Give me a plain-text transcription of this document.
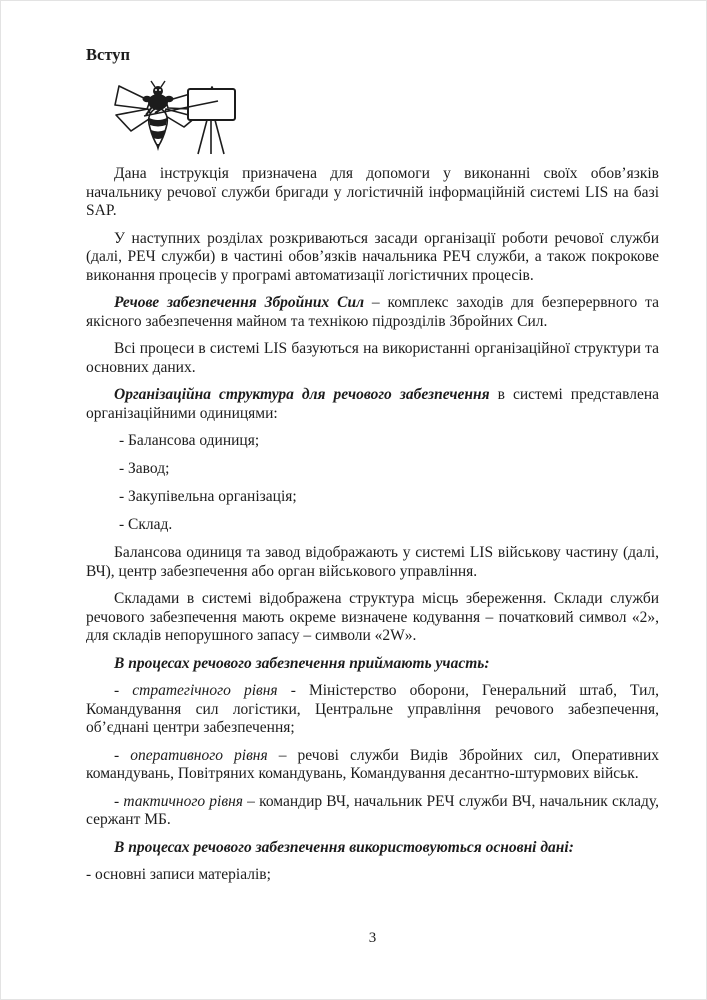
Вступ

Дана інструкція призначена для допомоги у виконанні своїх обов’язків начальнику речової служби бригади у логістичній інформаційній системі LIS на базі SAP.

У наступних розділах розкриваються засади організації роботи речової служби (далі, РЕЧ служби) в частині обов’язків начальника РЕЧ служби, а також покрокове виконання процесів у програмі автоматизації логістичних процесів.

Речове забезпечення Збройних Сил – комплекс заходів для безперервного та якісного забезпечення майном та технікою підрозділів Збройних Сил.

Всі процеси в системі LIS базуються на використанні організаційної структури та основних даних.

Організаційна структура для речового забезпечення в системі представлена організаційними одиницями:

- Балансова одиниця;

- Завод;

- Закупівельна організація;

- Склад.

Балансова одиниця та завод відображають у системі LIS військову частину (далі, ВЧ), центр забезпечення або орган військового управління.

Складами в системі відображена структура місць збереження. Склади служби речового забезпечення мають окреме визначене кодування – початковий символ «2», для складів непорушного запасу – символи «2W».

В процесах речового забезпечення приймають участь:

- стратегічного рівня - Міністерство оборони, Генеральний штаб, Тил, Командування сил логістики, Центральне управління речового забезпечення, об’єднані центри забезпечення;

- оперативного рівня – речові служби Видів Збройних сил, Оперативних командувань, Повітряних командувань, Командування десантно-штурмових військ.

- тактичного рівня – командир ВЧ, начальник РЕЧ служби ВЧ, начальник складу, сержант МБ.

В процесах речового забезпечення використовуються основні дані:

- основні записи матеріалів;

3
